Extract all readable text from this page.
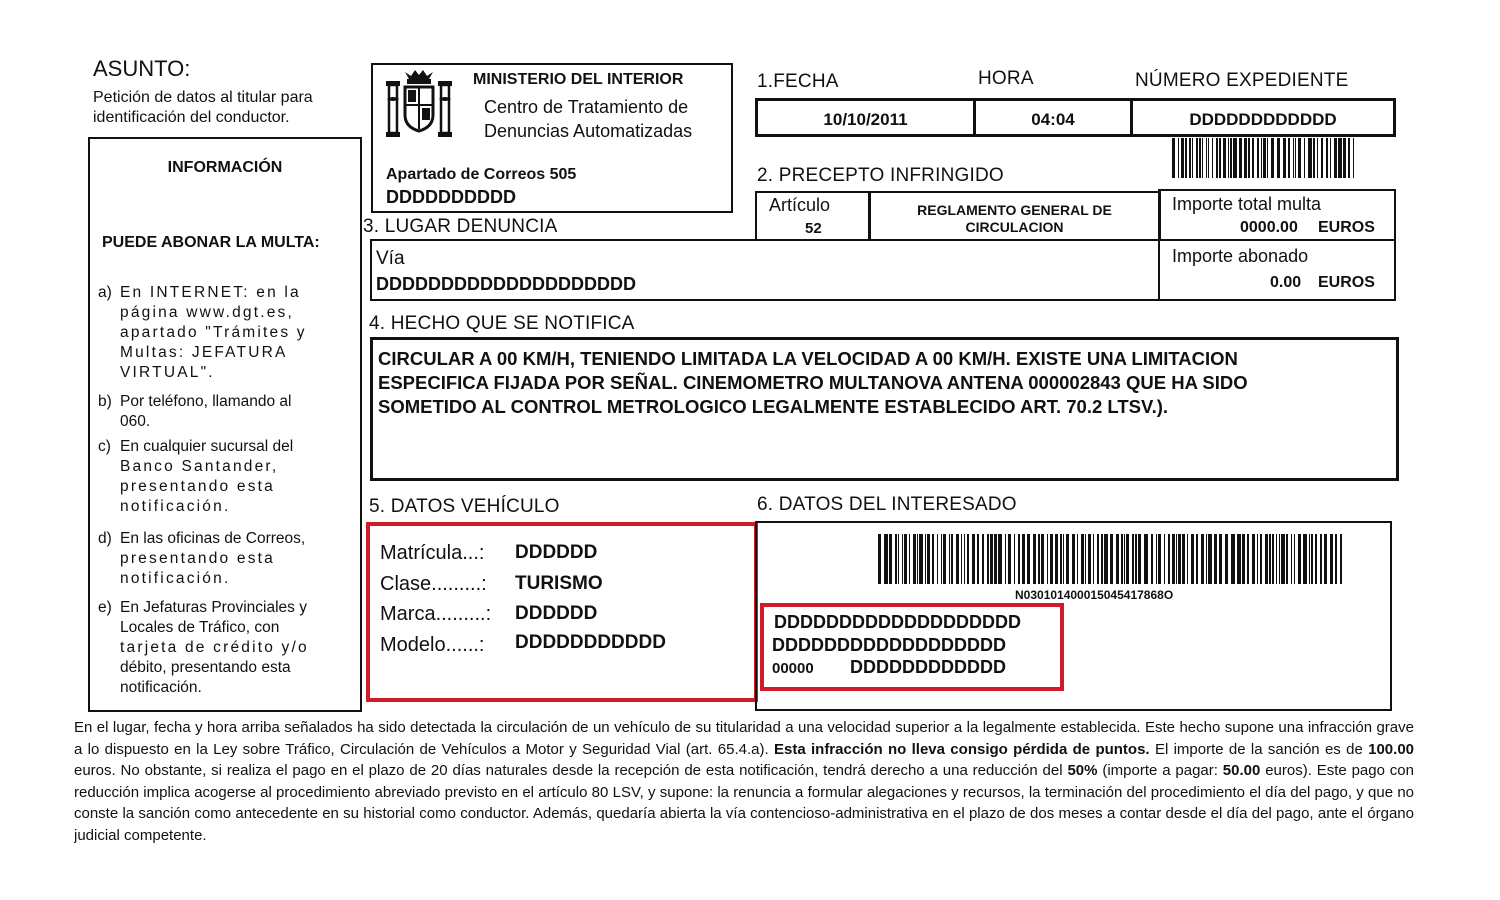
ASUNTO:
Petición de datos al titular para
identificación del conductor.
MINISTERIO DEL INTERIOR
Centro de Tratamiento de
Denuncias Automatizadas
Apartado de Correos 505
DDDDDDDDDD
1.FECHA	HORA	NÚMERO EXPEDIENTE
10/10/2011	04:04	DDDDDDDDDDDD
2. PRECEPTO INFRINGIDO
Artículo
52
REGLAMENTO GENERAL DE
CIRCULACION
Importe total multa
0000.00 EUROS
Importe abonado
0.00 EUROS
3. LUGAR DENUNCIA
Vía
DDDDDDDDDDDDDDDDDDDD
4. HECHO QUE SE NOTIFICA
CIRCULAR A 00 KM/H, TENIENDO LIMITADA LA VELOCIDAD A 00 KM/H. EXISTE UNA LIMITACION
ESPECIFICA FIJADA POR SEÑAL. CINEMOMETRO MULTANOVA ANTENA 000002843 QUE HA SIDO
SOMETIDO AL CONTROL METROLOGICO LEGALMENTE ESTABLECIDO ART. 70.2 LTSV.).
INFORMACIÓN
PUEDE ABONAR LA MULTA:
a) En INTERNET: en la
página www.dgt.es,
apartado "Trámites y
Multas: JEFATURA
VIRTUAL".
b) Por teléfono, llamando al
060.
c) En cualquier sucursal del
Banco Santander,
presentando esta
notificación.
d) En las oficinas de Correos,
presentando esta
notificación.
e) En Jefaturas Provinciales y
Locales de Tráfico, con
tarjeta de crédito y/o
débito, presentando esta
notificación.
5. DATOS VEHÍCULO
Matrícula...: DDDDDD
Clase.........: TURISMO
Marca.........: DDDDDD
Modelo......: DDDDDDDDDDD
6. DATOS DEL INTERESADO
N030101400015045417868O
DDDDDDDDDDDDDDDDDDD
DDDDDDDDDDDDDDDDDD
00000 DDDDDDDDDDDD
En el lugar, fecha y hora arriba señalados ha sido detectada la circulación de un vehículo de su titularidad a una velocidad superior a la legalmente establecida. Este hecho supone una infracción grave a lo dispuesto en la Ley sobre Tráfico, Circulación de Vehículos a Motor y Seguridad Vial (art. 65.4.a). Esta infracción no lleva consigo pérdida de puntos. El importe de la sanción es de 100.00 euros. No obstante, si realiza el pago en el plazo de 20 días naturales desde la recepción de esta notificación, tendrá derecho a una reducción del 50% (importe a pagar: 50.00 euros). Este pago con reducción implica acogerse al procedimiento abreviado previsto en el artículo 80 LSV, y supone: la renuncia a formular alegaciones y recursos, la terminación del procedimiento el día del pago, y que no conste la sanción como antecedente en su historial como conductor. Además, quedaría abierta la vía contencioso-administrativa en el plazo de dos meses a contar desde el día del pago, ante el órgano judicial competente.
